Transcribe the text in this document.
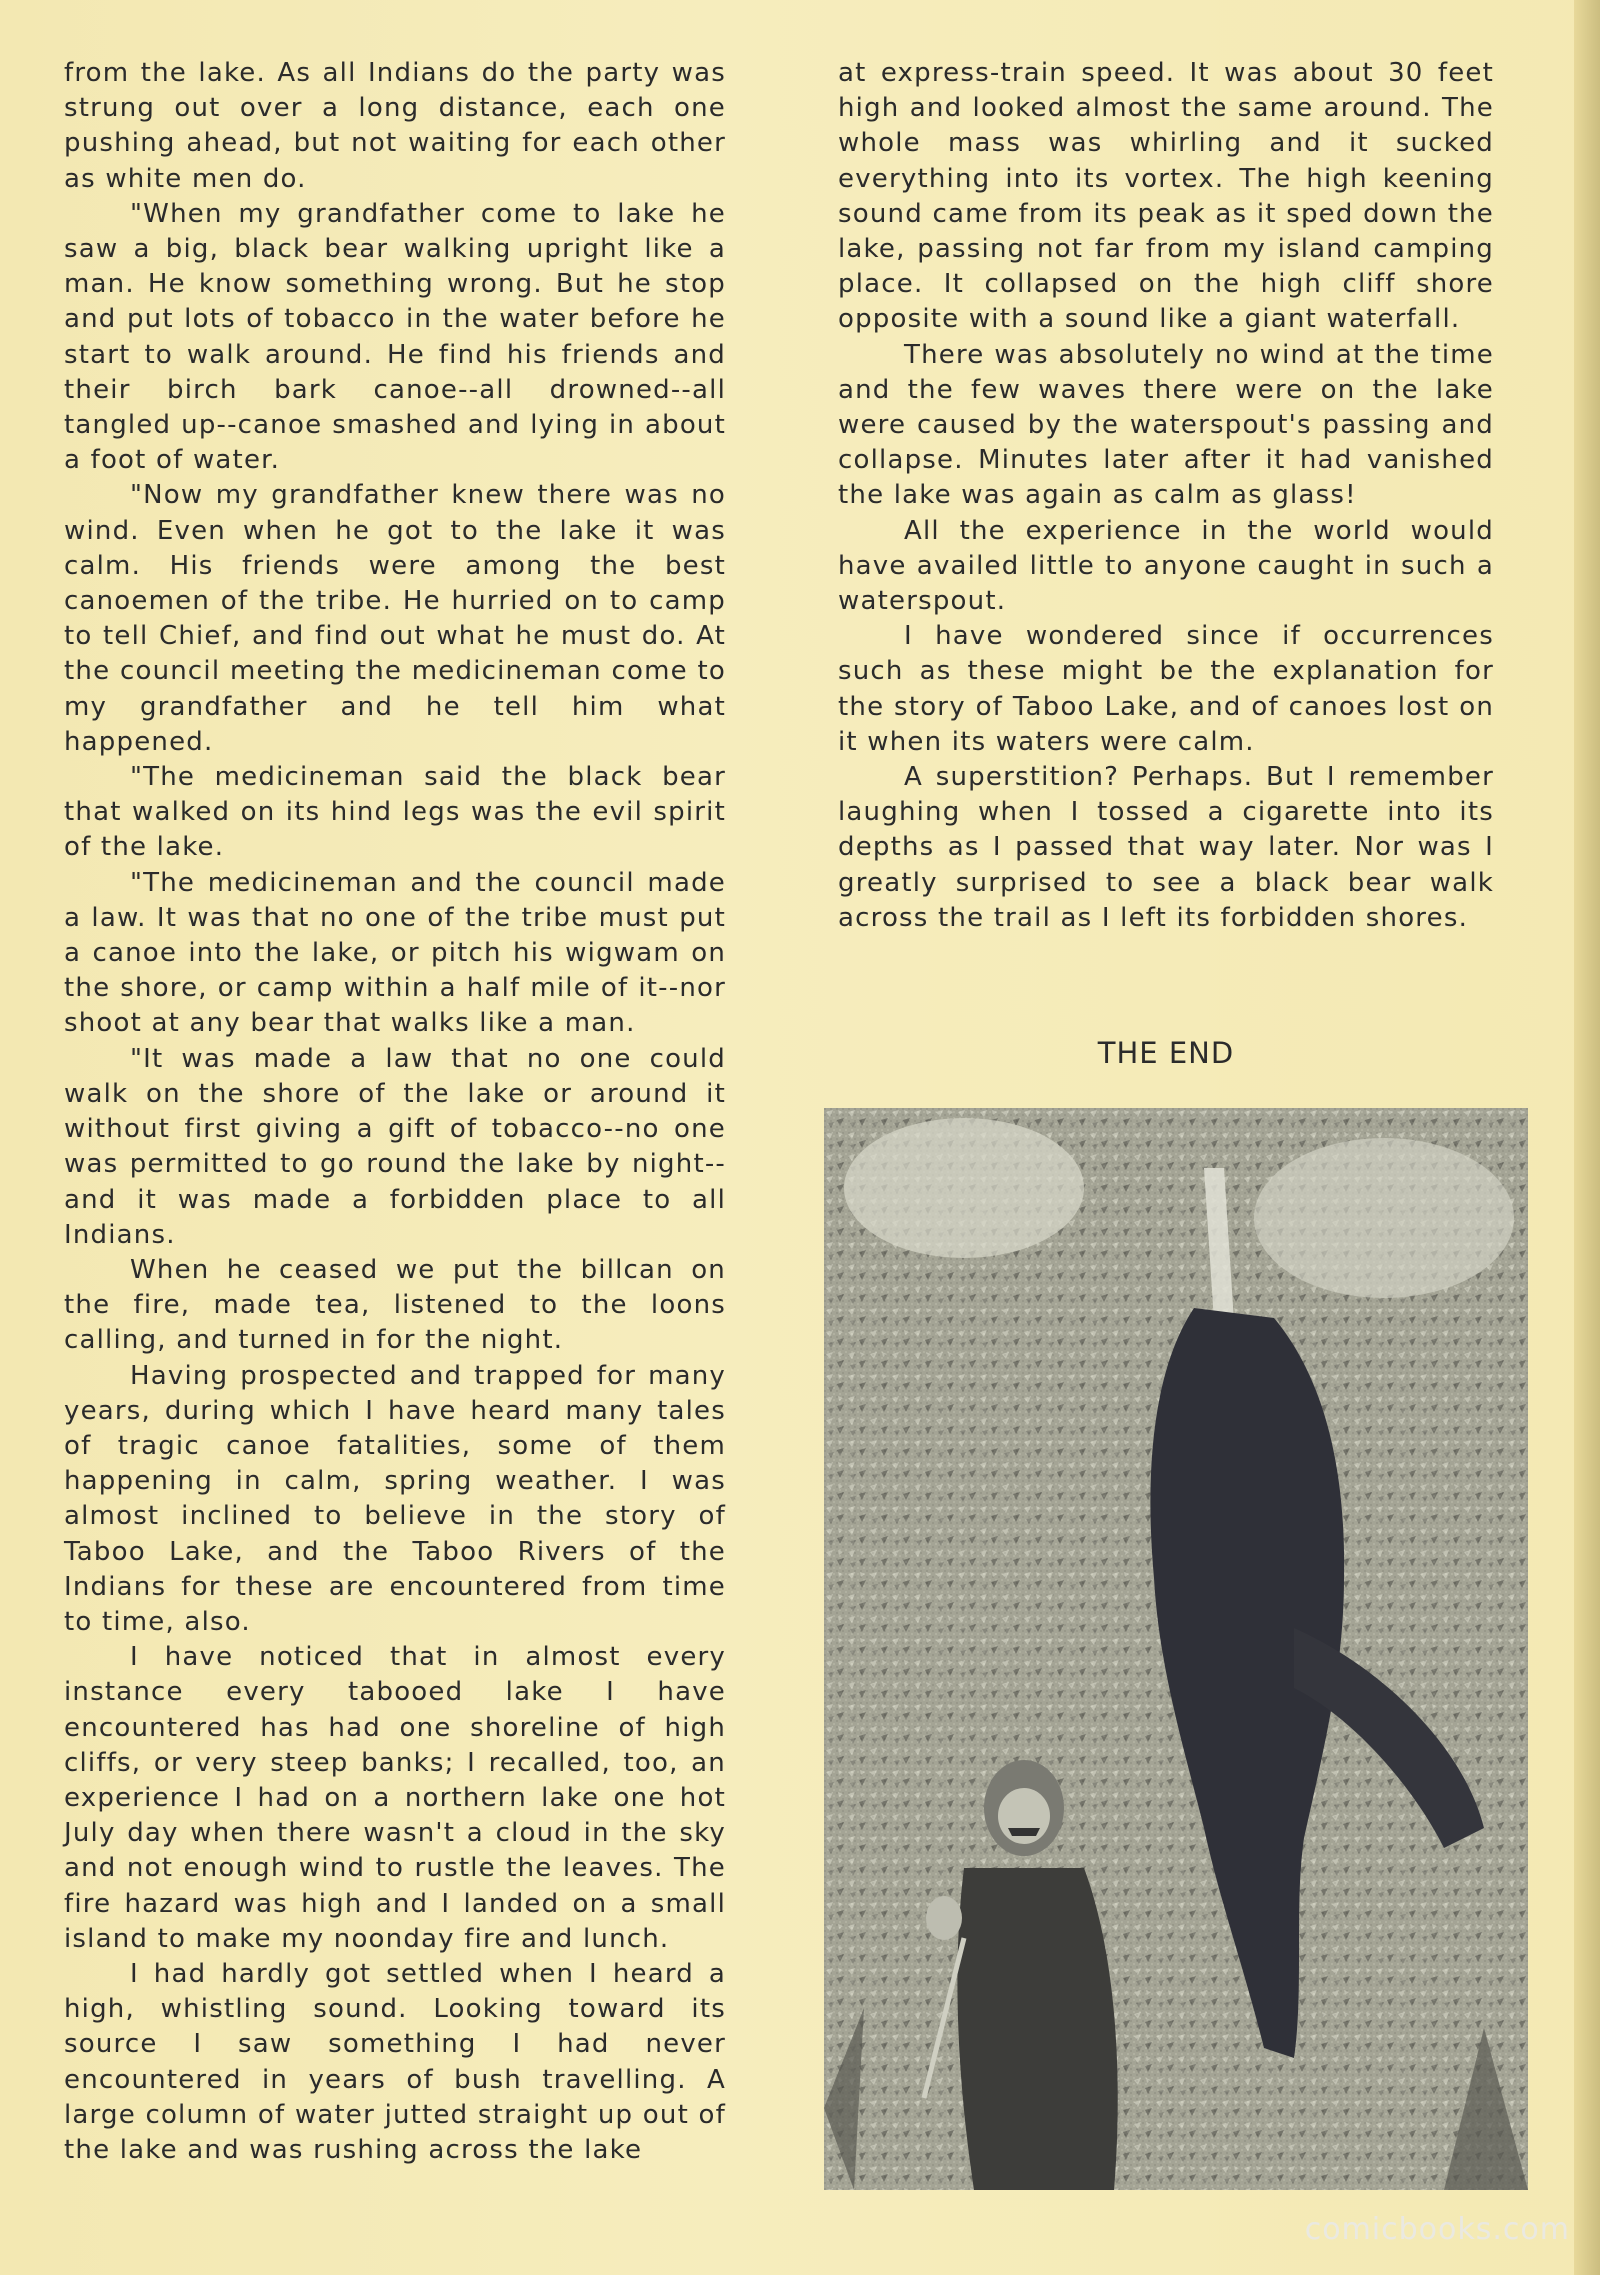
from the lake. As all Indians do the party was strung out over a long distance, each one pushing ahead, but not waiting for each other as white men do.

"When my grandfather come to lake he saw a big, black bear walking upright like a man. He know something wrong. But he stop and put lots of tobacco in the water before he start to walk around. He find his friends and their birch bark canoe--all drowned--all tangled up--canoe smashed and lying in about a foot of water.

"Now my grandfather knew there was no wind. Even when he got to the lake it was calm. His friends were among the best canoemen of the tribe. He hurried on to camp to tell Chief, and find out what he must do. At the council meeting the medicineman come to my grandfather and he tell him what happened.

"The medicineman said the black bear that walked on its hind legs was the evil spirit of the lake.

"The medicineman and the council made a law. It was that no one of the tribe must put a canoe into the lake, or pitch his wigwam on the shore, or camp within a half mile of it--nor shoot at any bear that walks like a man.

"It was made a law that no one could walk on the shore of the lake or around it without first giving a gift of tobacco--no one was permitted to go round the lake by night--and it was made a forbidden place to all Indians.

When he ceased we put the billcan on the fire, made tea, listened to the loons calling, and turned in for the night.

Having prospected and trapped for many years, during which I have heard many tales of tragic canoe fatalities, some of them happening in calm, spring weather. I was almost inclined to believe in the story of Taboo Lake, and the Taboo Rivers of the Indians for these are encountered from time to time, also.

I have noticed that in almost every instance every tabooed lake I have encountered has had one shoreline of high cliffs, or very steep banks; I recalled, too, an experience I had on a northern lake one hot July day when there wasn't a cloud in the sky and not enough wind to rustle the leaves. The fire hazard was high and I landed on a small island to make my noonday fire and lunch.

I had hardly got settled when I heard a high, whistling sound. Looking toward its source I saw something I had never encountered in years of bush travelling. A large column of water jutted straight up out of the lake and was rushing across the lake

at express-train speed. It was about 30 feet high and looked almost the same around. The whole mass was whirling and it sucked everything into its vortex. The high keening sound came from its peak as it sped down the lake, passing not far from my island camping place. It collapsed on the high cliff shore opposite with a sound like a giant waterfall.

There was absolutely no wind at the time and the few waves there were on the lake were caused by the waterspout's passing and collapse. Minutes later after it had vanished the lake was again as calm as glass!

All the experience in the world would have availed little to anyone caught in such a waterspout.

I have wondered since if occurrences such as these might be the explanation for the story of Taboo Lake, and of canoes lost on it when its waters were calm.

A superstition? Perhaps. But I remember laughing when I tossed a cigarette into its depths as I passed that way later. Nor was I greatly surprised to see a black bear walk across the trail as I left its forbidden shores.

THE END
comicbooks.com
